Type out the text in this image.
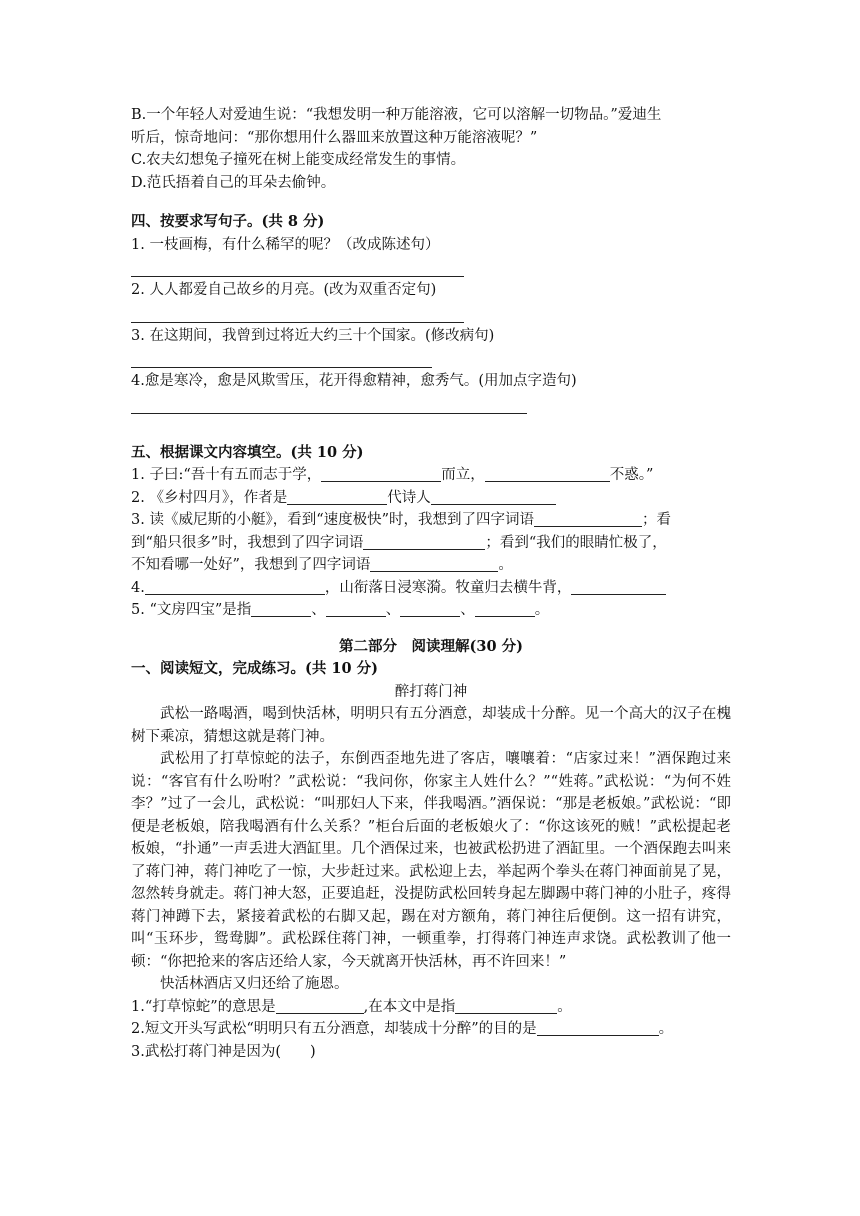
B.一个年轻人对爱迪生说：“我想发明一种万能溶液，它可以溶解一切物品。”爱迪生
听后，惊奇地问：“那你想用什么器皿来放置这种万能溶液呢？”
C.农夫幻想兔子撞死在树上能变成经常发生的事情。
D.范氏捂着自己的耳朵去偷钟。
四、按要求写句子。(共 8 分)
1. 一枝画梅，有什么稀罕的呢？（改成陈述句）
2. 人人都爱自己故乡的月亮。(改为双重否定句)
3. 在这期间，我曾到过将近大约三十个国家。(修改病句)
4.愈是寒冷，愈是风欺雪压，花开得愈精神，愈秀气。(用加点字造句)
五、根据课文内容填空。(共 10 分)
1. 子曰:“吾十有五而志于学，	而立，	不惑。”
2. 《乡村四月》，作者是	代诗人
3. 读《威尼斯的小艇》，看到“速度极快”时，我想到了四字词语	；看
到“船只很多”时，我想到了四字词语	；看到“我们的眼睛忙极了，
不知看哪一处好”，我想到了四字词语	。
4.	，山衔落日浸寒漪。牧童归去横牛背，
5. “文房四宝”是指	、	、	、	。
第二部分　阅读理解(30 分)
一、阅读短文，完成练习。(共 10 分)
醉打蒋门神
武松一路喝酒，喝到快活林，明明只有五分酒意，却装成十分醉。见一个高大的汉子在槐树下乘凉，猜想这就是蒋门神。
武松用了打草惊蛇的法子，东倒西歪地先进了客店，嚷嚷着：“店家过来！”酒保跑过来说：“客官有什么吩咐？”武松说：“我问你，你家主人姓什么？”“姓蒋。”武松说：“为何不姓李？”过了一会儿，武松说：“叫那妇人下来，伴我喝酒。”酒保说：“那是老板娘。”武松说：“即便是老板娘，陪我喝酒有什么关系？”柜台后面的老板娘火了：“你这该死的贼！”武松提起老板娘，“扑通”一声丢进大酒缸里。几个酒保过来，也被武松扔进了酒缸里。一个酒保跑去叫来了蒋门神，蒋门神吃了一惊，大步赶过来。武松迎上去，举起两个拳头在蒋门神面前晃了晃，忽然转身就走。蒋门神大怒，正要追赶，没提防武松回转身起左脚踢中蒋门神的小肚子，疼得蒋门神蹲下去，紧接着武松的右脚又起，踢在对方额角，蒋门神往后便倒。这一招有讲究，叫“玉环步，鸳鸯脚”。武松踩住蒋门神，一顿重拳，打得蒋门神连声求饶。武松教训了他一顿：“你把抢来的客店还给人家，今天就离开快活林，再不许回来！”
快活林酒店又归还给了施恩。
1.“打草惊蛇”的意思是	,在本文中是指	。
2.短文开头写武松“明明只有五分酒意，却装成十分醉”的目的是	。
3.武松打蒋门神是因为(　　)
